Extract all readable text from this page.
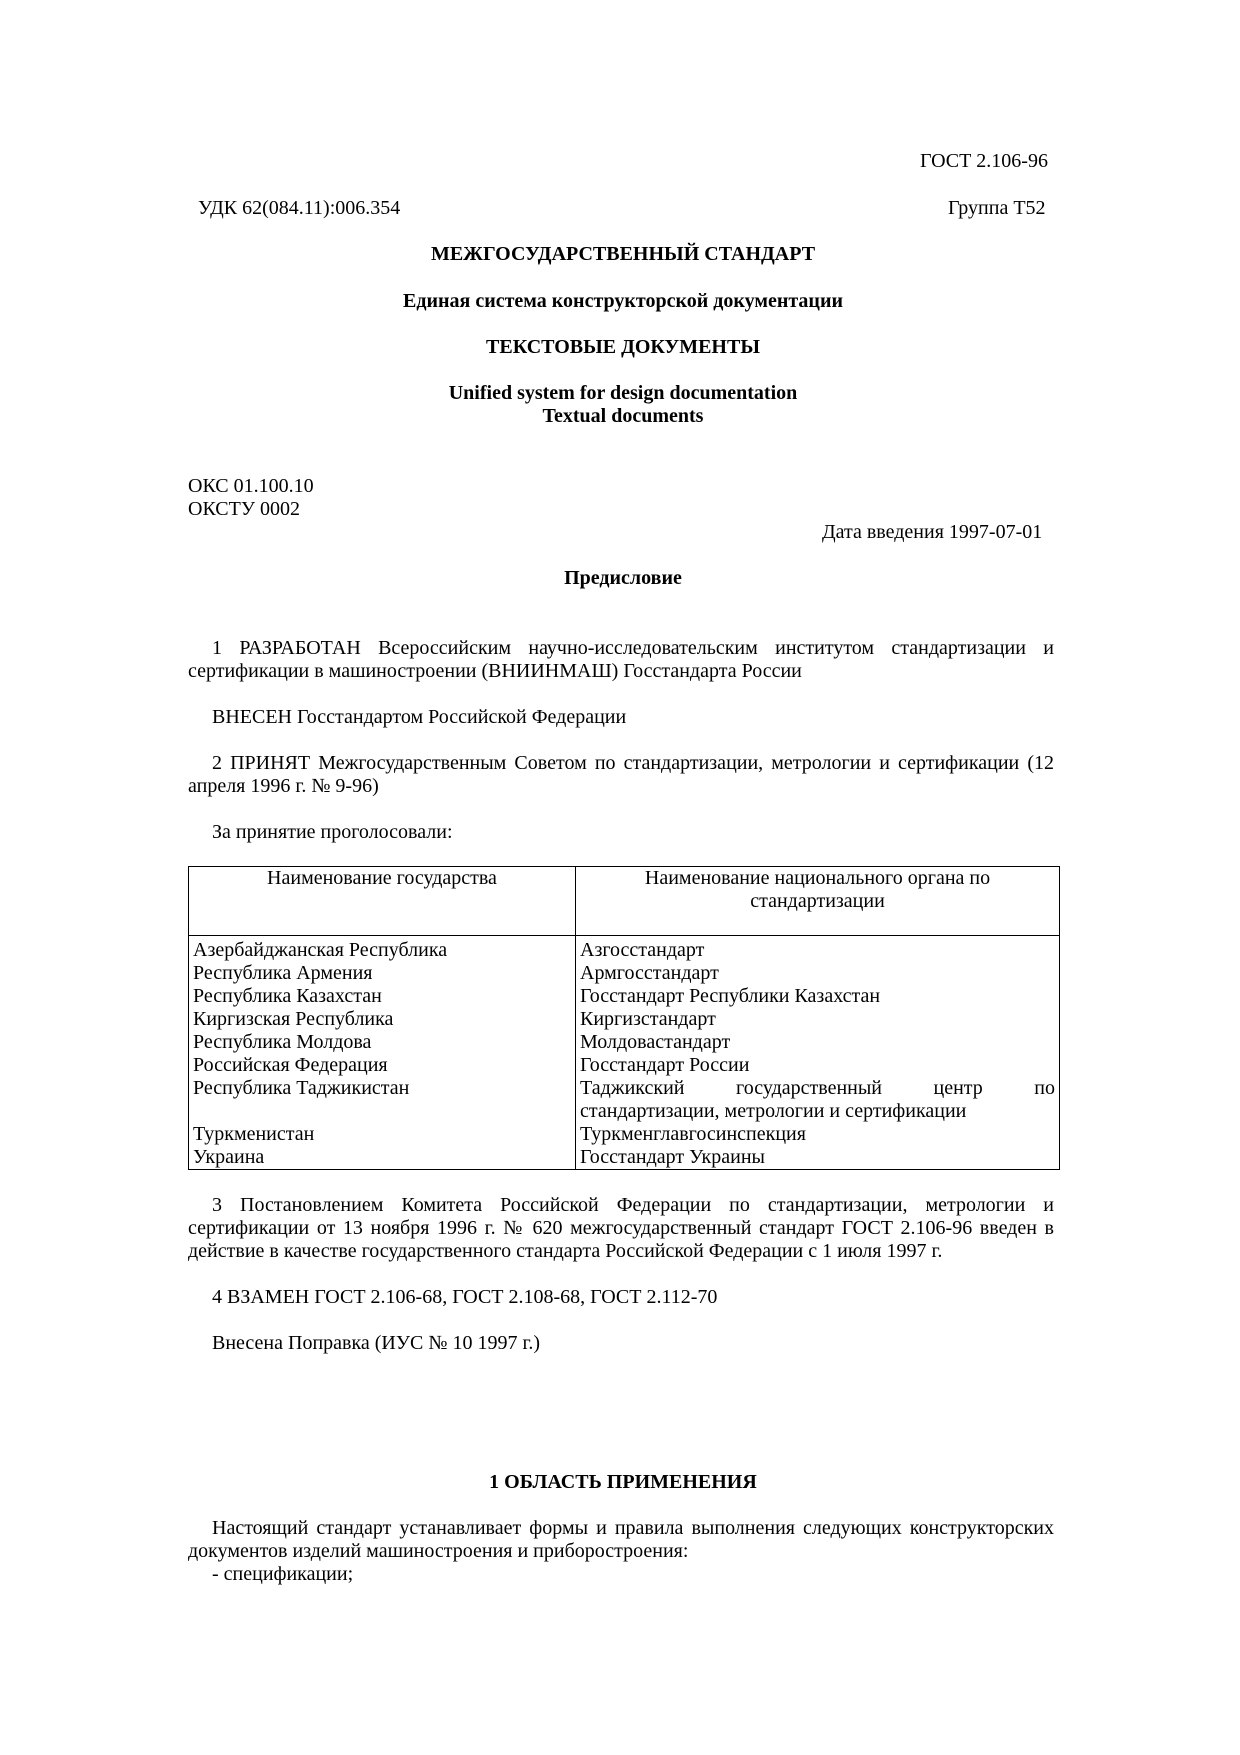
ГОСТ 2.106-96
УДК 62(084.11):006.354	Группа Т52
МЕЖГОСУДАРСТВЕННЫЙ СТАНДАРТ
Единая система конструкторской документации
ТЕКСТОВЫЕ ДОКУМЕНТЫ
Unified system for design documentation
Textual documents
ОКС 01.100.10
ОКСТУ 0002
Дата введения 1997-07-01
Предисловие
1 РАЗРАБОТАН Всероссийским научно-исследовательским институтом стандартизации и сертификации в машиностроении (ВНИИНМАШ) Госстандарта России
ВНЕСЕН Госстандартом Российской Федерации
2 ПРИНЯТ Межгосударственным Советом по стандартизации, метрологии и сертификации (12 апреля 1996 г. № 9-96)
За принятие проголосовали:
Наименование государства	Наименование национального органа по стандартизации
Азербайджанская Республика	Азгосстандарт
Республика Армения	Армгосстандарт
Республика Казахстан	Госстандарт Республики Казахстан
Киргизская Республика	Киргизстандарт
Республика Молдова	Молдовастандарт
Российская Федерация	Госстандарт России
Республика Таджикистан	Таджикский государственный центр по стандартизации, метрологии и сертификации
Туркменистан	Туркменглавгосинспекция
Украина	Госстандарт Украины
3 Постановлением Комитета Российской Федерации по стандартизации, метрологии и сертификации от 13 ноября 1996 г. № 620 межгосударственный стандарт ГОСТ 2.106-96 введен в действие в качестве государственного стандарта Российской Федерации с 1 июля 1997 г.
4 ВЗАМЕН ГОСТ 2.106-68, ГОСТ 2.108-68, ГОСТ 2.112-70
Внесена Поправка (ИУС № 10 1997 г.)
1 ОБЛАСТЬ ПРИМЕНЕНИЯ
Настоящий стандарт устанавливает формы и правила выполнения следующих конструкторских документов изделий машиностроения и приборостроения:
- спецификации;
